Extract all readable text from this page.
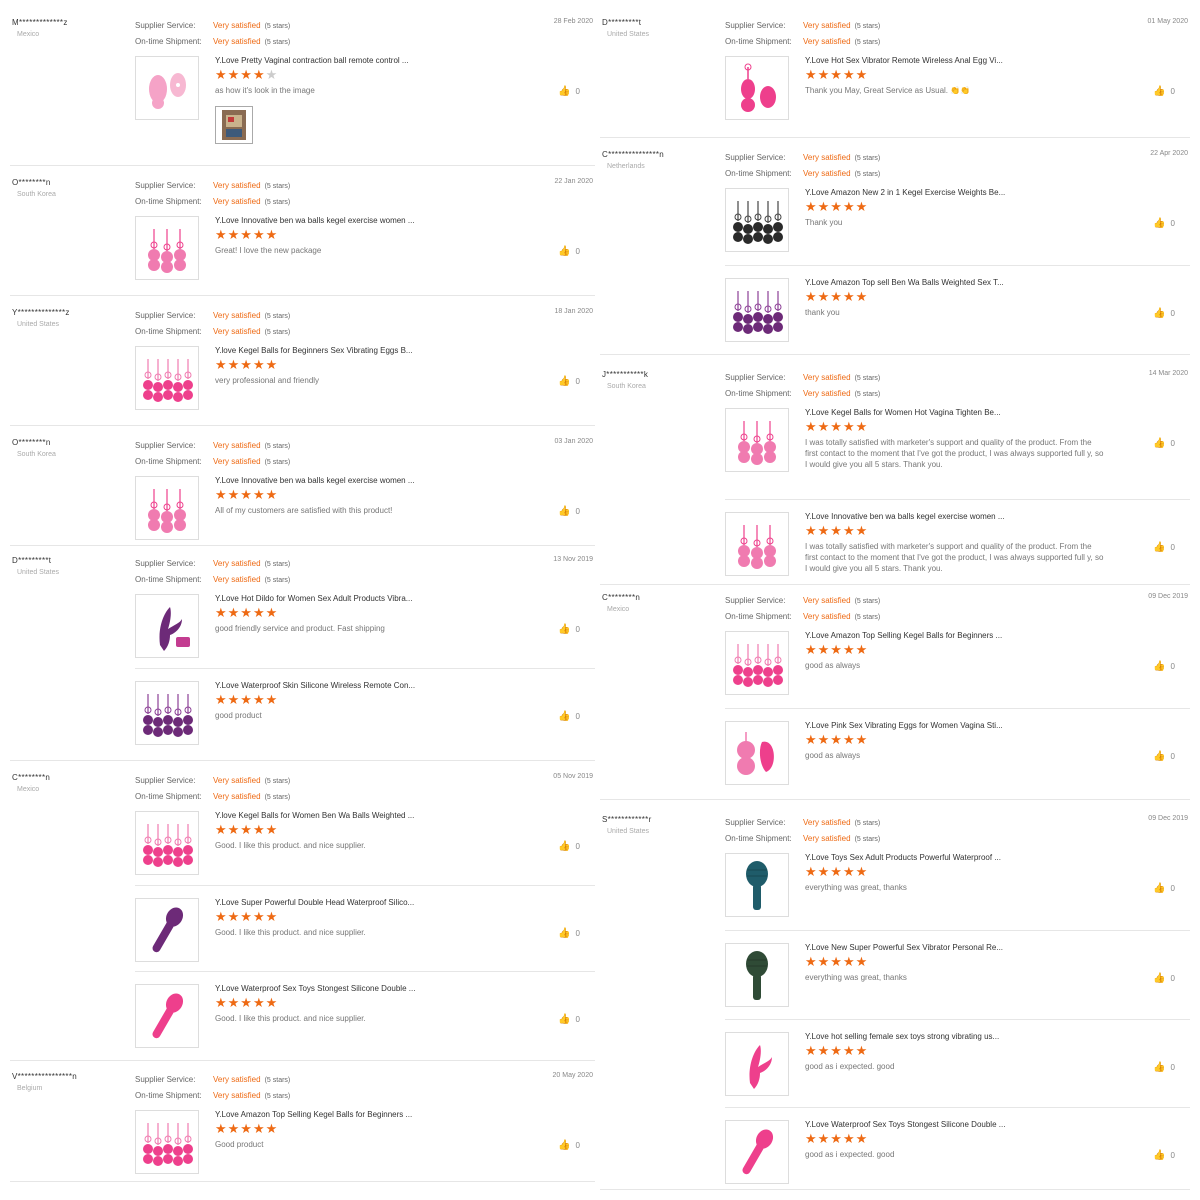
M*************z
Mexico
Supplier Service: Very satisfied (5 stars)
On-time Shipment: Very satisfied (5 stars)
28 Feb 2020
Y.Love Pretty Vaginal contraction ball remote control ...
★★★★★
as how it's look in the image	👍 0
O********n
South Korea
Supplier Service: Very satisfied (5 stars)
On-time Shipment: Very satisfied (5 stars)
22 Jan 2020
Y.Love Innovative ben wa balls kegel exercise women ...
★★★★★
Great! I love the new package	👍 0
Y**************z
United States
Supplier Service: Very satisfied (5 stars)
On-time Shipment: Very satisfied (5 stars)
18 Jan 2020
Y.love Kegel Balls for Beginners Sex Vibrating Eggs B...
★★★★★
very professional and friendly	👍 0
O********n
South Korea
Supplier Service: Very satisfied (5 stars)
On-time Shipment: Very satisfied (5 stars)
03 Jan 2020
Y.Love Innovative ben wa balls kegel exercise women ...
★★★★★
All of my customers are satisfied with this product!	👍 0
D*********t
United States
Supplier Service: Very satisfied (5 stars)
On-time Shipment: Very satisfied (5 stars)
13 Nov 2019
Y.Love Hot Dildo for Women Sex Adult Products Vibra...
★★★★★
good friendly service and product. Fast shipping	👍 0
Y.Love Waterproof Skin Silicone Wireless Remote Con...
★★★★★
good product	👍 0
C********n
Mexico
Supplier Service: Very satisfied (5 stars)
On-time Shipment: Very satisfied (5 stars)
05 Nov 2019
Y.love Kegel Balls for Women Ben Wa Balls Weighted ...
★★★★★
Good. I like this product. and nice supplier.	👍 0
Y.Love Super Powerful Double Head Waterproof Silico...
★★★★★
Good. I like this product. and nice supplier.	👍 0
Y.Love Waterproof Sex Toys Stongest Silicone Double ...
★★★★★
Good. I like this product. and nice supplier.	👍 0
V****************n
Belgium
Supplier Service: Very satisfied (5 stars)
On-time Shipment: Very satisfied (5 stars)
20 May 2020
Y.Love Amazon Top Selling Kegel Balls for Beginners ...
★★★★★
Good product	👍 0
D*********t
United States
Supplier Service: Very satisfied (5 stars)
On-time Shipment: Very satisfied (5 stars)
01 May 2020
Y.Love Hot Sex Vibrator Remote Wireless Anal Egg Vi...
★★★★★
Thank you May, Great Service as Usual. 👏👏	👍 0
C***************n
Netherlands
Supplier Service: Very satisfied (5 stars)
On-time Shipment: Very satisfied (5 stars)
22 Apr 2020
Y.Love Amazon New 2 in 1 Kegel Exercise Weights Be...
★★★★★
Thank you	👍 0
Y.Love Amazon Top sell Ben Wa Balls Weighted Sex T...
★★★★★
thank you	👍 0
J***********k
South Korea
Supplier Service: Very satisfied (5 stars)
On-time Shipment: Very satisfied (5 stars)
14 Mar 2020
Y.Love Kegel Balls for Women Hot Vagina Tighten Be...
★★★★★
I was totally satisfied with marketer's support and quality of the product. From the first contact to the moment that I've got the product, I was always supported full y, so I would give you all 5 stars. Thank you.
👍 0
Y.Love Innovative ben wa balls kegel exercise women ...
★★★★★
I was totally satisfied with marketer's support and quality of the product. From the first contact to the moment that I've got the product, I was always supported full y, so I would give you all 5 stars. Thank you.
👍 0
C********n
Mexico
Supplier Service: Very satisfied (5 stars)
On-time Shipment: Very satisfied (5 stars)
09 Dec 2019
Y.Love Amazon Top Selling Kegel Balls for Beginners ...
★★★★★
good as always	👍 0
Y.Love Pink Sex Vibrating Eggs for Women Vagina Sti...
★★★★★
good as always	👍 0
S************r
United States
Supplier Service: Very satisfied (5 stars)
On-time Shipment: Very satisfied (5 stars)
09 Dec 2019
Y.Love Toys Sex Adult Products Powerful Waterproof ...
★★★★★
everything was great, thanks	👍 0
Y.Love New Super Powerful Sex Vibrator Personal Re...
★★★★★
everything was great, thanks	👍 0
Y.Love hot selling female sex toys strong vibrating us...
★★★★★
good as i expected. good	👍 0
Y.Love Waterproof Sex Toys Stongest Silicone Double ...
★★★★★
good as i expected. good	👍 0
